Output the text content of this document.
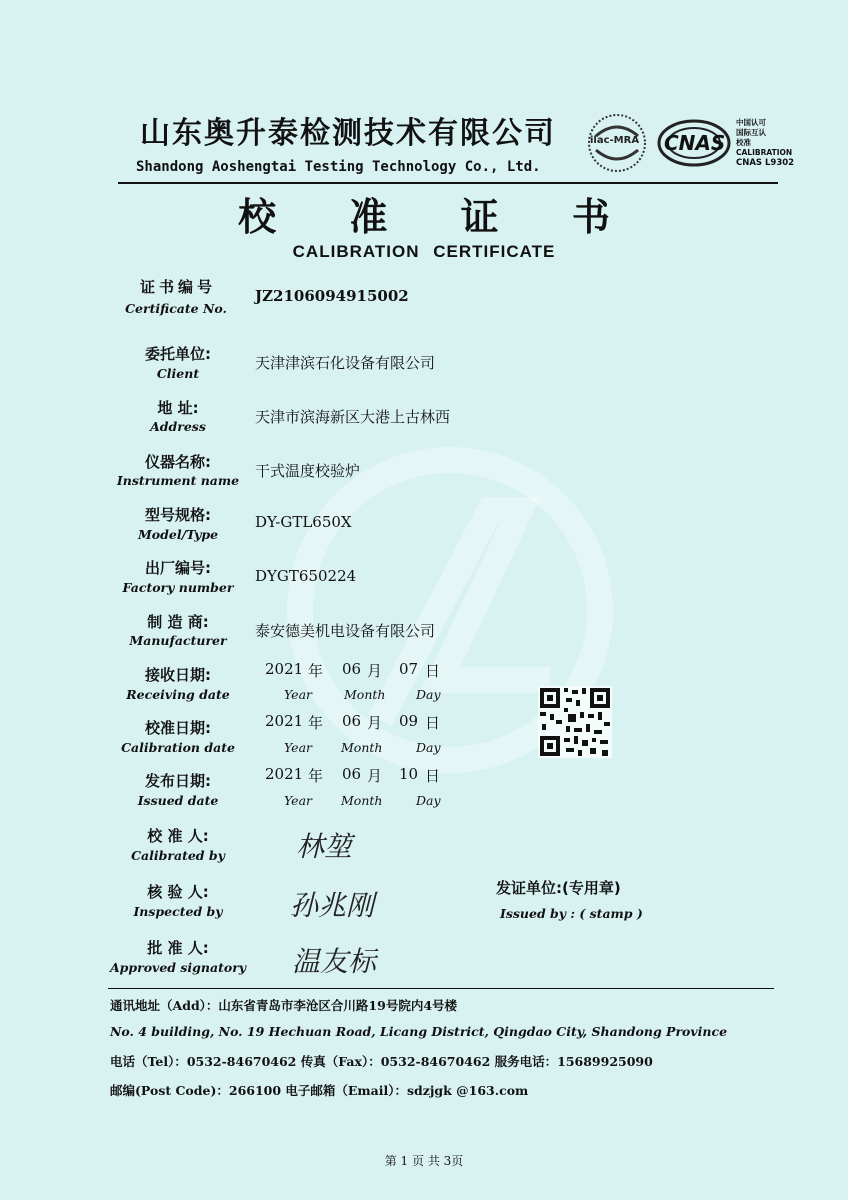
山东奥升泰检测技术有限公司
Shandong Aoshengtai Testing Technology Co., Ltd.
ilac-MRA CNAS
中国认可
国际互认
校准
CALIBRATION
CNAS L9302
校 准 证 书
CALIBRATION CERTIFICATE
证书编号
Certificate No.
JZ2106094915002
委托单位:
Client
天津津滨石化设备有限公司
地 址:
Address
天津市滨海新区大港上古林西
仪器名称:
Instrument name
干式温度校验炉
型号规格:
Model/Type
DY-GTL650X
出厂编号:
Factory number
DYGT650224
制 造 商:
Manufacturer
泰安德美机电设备有限公司
接收日期:
Receiving date
2021 年 06 月 07 日
Year	Month Day
校准日期:
Calibration date
2021 年 06 月 09 日
Year Month	Day
发布日期:
Issued date
2021 年 06 月 10 日
Year Month	Day
校 准 人:
Calibrated by	林堃
核 验 人:
Inspected by	孙兆刚
批 准 人:
Approved signatory 温友标
发证单位:(专用章)
Issued by : ( stamp )
通讯地址（Add）：山东省青岛市李沧区合川路19号院内4号楼
No. 4 building, No. 19 Hechuan Road, Licang District, Qingdao City, Shandong Province
电话（Tel）：0532-84670462 传真（Fax）：0532-84670462 服务电话：15689925090
邮编(Post Code)：266100 电子邮箱（Email）：sdzjgk @163.com
第 1 页 共 3页
